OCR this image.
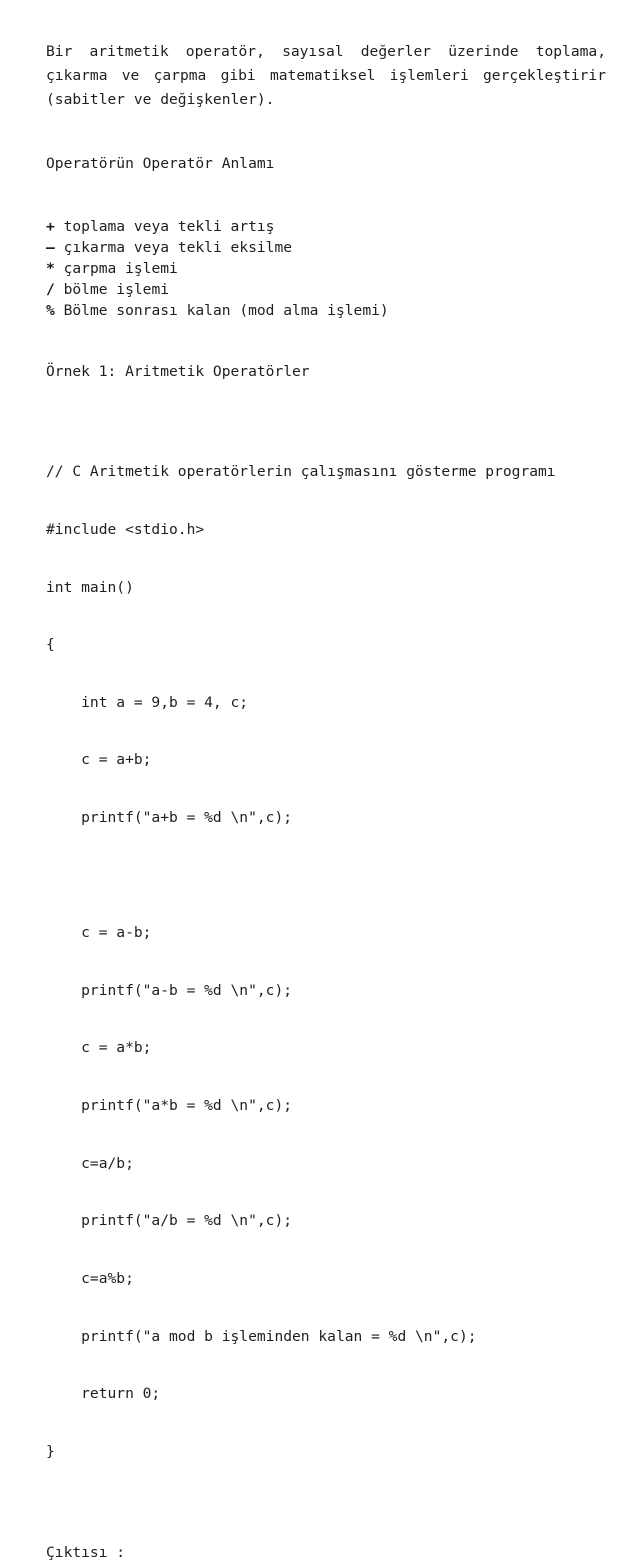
Bir aritmetik operatör, sayısal değerler üzerinde toplama, çıkarma ve çarpma gibi matematiksel işlemleri gerçekleştirir (sabitler ve değişkenler).

Operatörün Operatör Anlamı

+ toplama veya tekli artış
– çıkarma veya tekli eksilme
* çarpma işlemi
/ bölme işlemi
% Bölme sonrası kalan (mod alma işlemi)

Örnek 1: Aritmetik Operatörler

// C Aritmetik operatörlerin çalışmasını gösterme programı

#include <stdio.h>

int main()

{

int a = 9,b = 4, c;

c = a+b;

printf("a+b = %d \n",c);

c = a-b;

printf("a-b = %d \n",c);

c = a*b;

printf("a*b = %d \n",c);

c=a/b;

printf("a/b = %d \n",c);

c=a%b;

printf("a mod b işleminden kalan = %d \n",c);

return 0;

}

Çıktısı :
